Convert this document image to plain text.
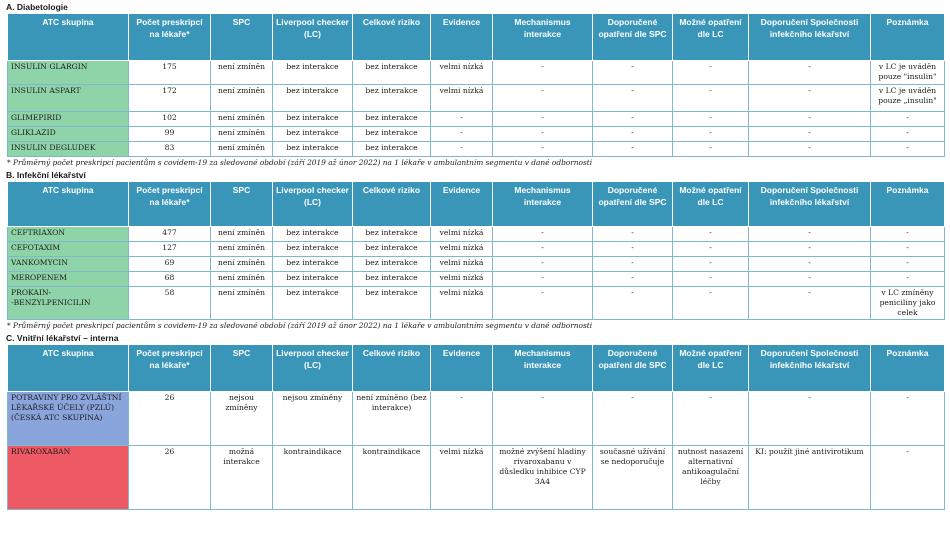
A. Diabetologie
ATC skupina	Počet preskripcí na lékaře*	SPC	Liverpool checker (LC)	Celkové riziko	Evidence	Mechanismus interakce	Doporučené opatření dle SPC	Možné opatření dle LC	Doporučení Společnosti infekčního lékařství	Poznámka
INSULIN GLARGIN	175	není zmíněn	bez interakce	bez interakce	velmi nízká	-	-	-	-	v LC je uváděn pouze "insulin"
INSULIN ASPART	172	není zmíněn	bez interakce	bez interakce	velmi nízká	-	-	-	-	v LC je uváděn pouze „insulin"
GLIMEPIRID	102	není zmíněn	bez interakce	bez interakce	-	-	-	-	-	-
GLIKLAZID	99	není zmíněn	bez interakce	bez interakce	-	-	-	-	-	-
INSULIN DEGLUDEK	83	není zmíněn	bez interakce	bez interakce	-	-	-	-	-	-
* Průměrný počet preskripcí pacientům s covidem-19 za sledované období (září 2019 až únor 2022) na 1 lékaře v ambulantním segmentu v dané odbornosti
B. Infekční lékařství
ATC skupina	Počet preskripcí na lékaře*	SPC	Liverpool checker (LC)	Celkové riziko	Evidence	Mechanismus interakce	Doporučené opatření dle SPC	Možné opatření dle LC	Doporučení Společnosti infekčního lékařství	Poznámka
CEFTRIAXON	477	není zmíněn	bez interakce	bez interakce	velmi nízká	-	-	-	-	-
CEFOTAXIM	127	není zmíněn	bez interakce	bez interakce	velmi nízká	-	-	-	-	-
VANKOMYCIN	69	není zmíněn	bez interakce	bez interakce	velmi nízká	-	-	-	-	-
MEROPENEM	68	není zmíněn	bez interakce	bez interakce	velmi nízká	-	-	-	-	-
PROKAIN-
-BENZYLPENICILIN	58	není zmíněn	bez interakce	bez interakce	velmi nízká	-	-	-	-	v LC zmíněny peniciliny jako celek
* Průměrný počet preskripcí pacientům s covidem-19 za sledované období (září 2019 až únor 2022) na 1 lékaře v ambulantním segmentu v dané odbornosti
C. Vnitřní lékařství – interna
ATC skupina	Počet preskripcí na lékaře*	SPC	Liverpool checker (LC)	Celkové riziko	Evidence	Mechanismus interakce	Doporučené opatření dle SPC	Možné opatření dle LC	Doporučení Společnosti infekčního lékařství	Poznámka
POTRAVINY PRO ZVLÁŠTNÍ LÉKAŘSKÉ ÚČELY (PZLÚ) (ČESKÁ ATC SKUPINA)	26	nejsou zmíněny	nejsou zmíněny	není zmíněno (bez interakce)	-	-	-	-	-	-
RIVAROXABAN	26	možná interakce	kontraindikace	kontraindikace	velmi nízká	možné zvýšení hladiny rivaroxabanu v důsledku inhibice CYP 3A4	současné užívání se nedoporučuje	nutnost nasazení alternativní antikoagulační léčby	KI: použít jiné antivirotikum	-
